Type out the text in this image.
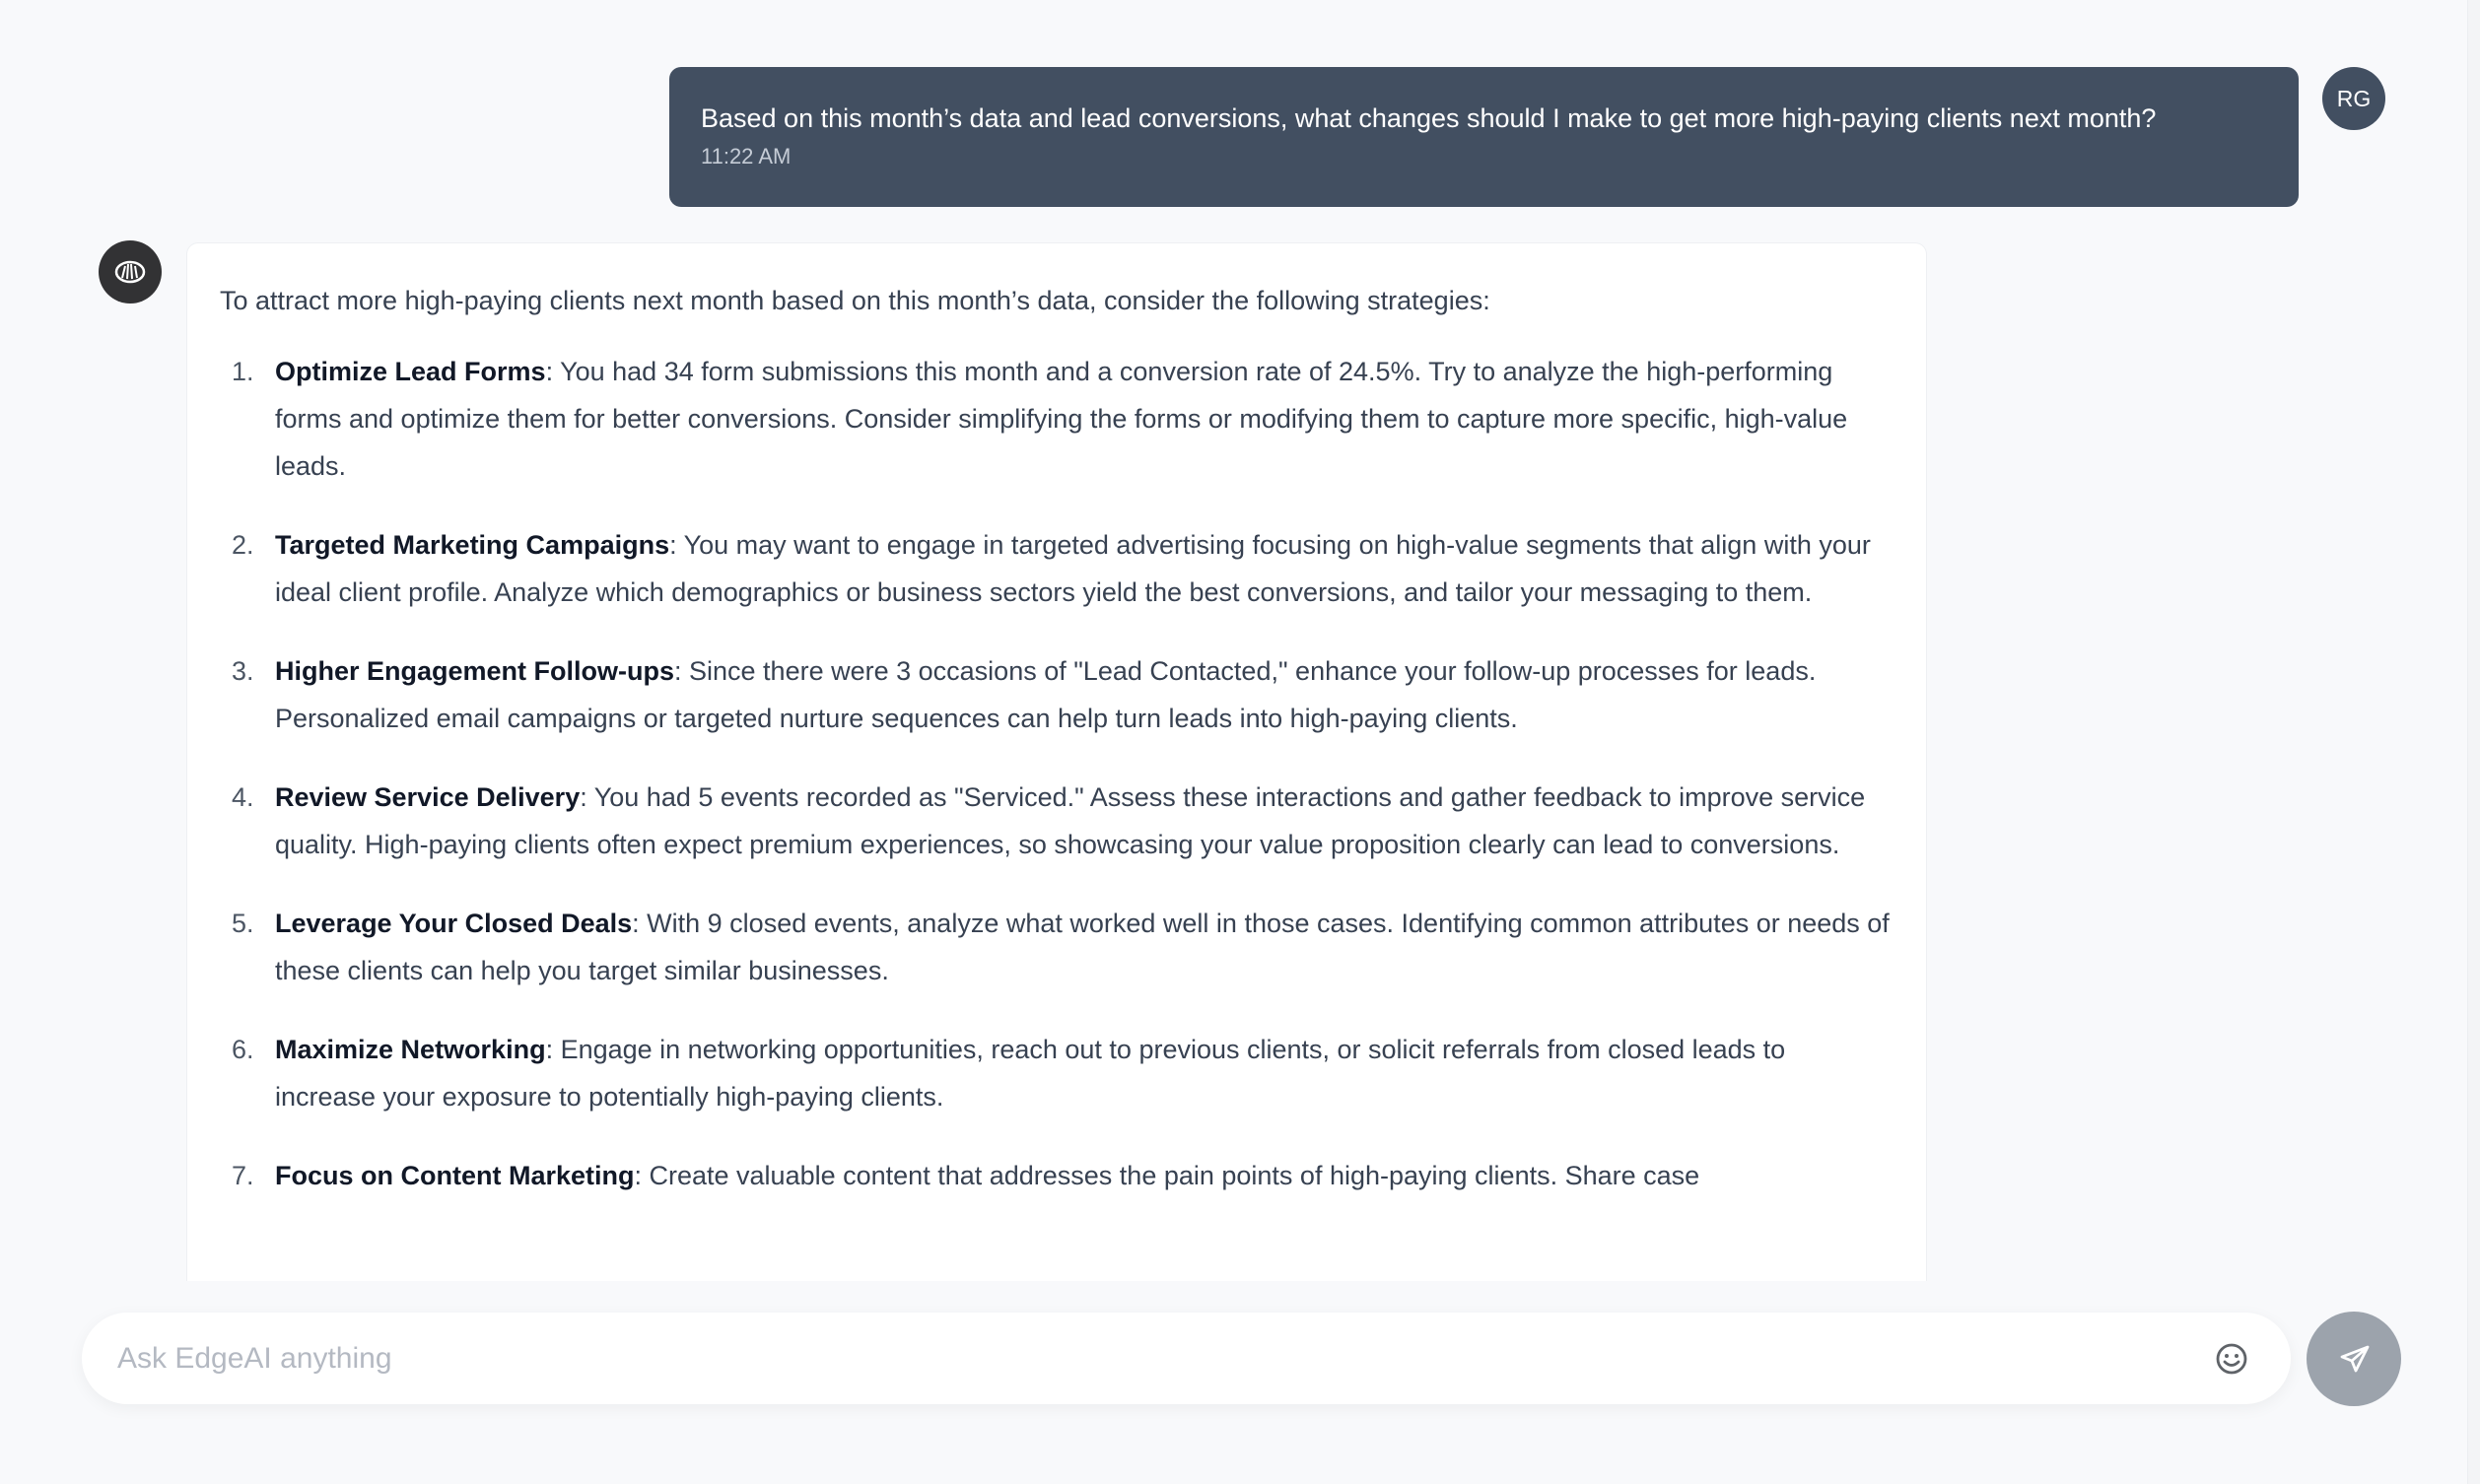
Based on this month’s data and lead conversions, what changes should I make to get more high-paying clients next month?
11:22 AM
RG

To attract more high-paying clients next month based on this month’s data, consider the following strategies:

1. Optimize Lead Forms: You had 34 form submissions this month and a conversion rate of 24.5%. Try to analyze the high-performing forms and optimize them for better conversions. Consider simplifying the forms or modifying them to capture more specific, high-value leads.
2. Targeted Marketing Campaigns: You may want to engage in targeted advertising focusing on high-value segments that align with your ideal client profile. Analyze which demographics or business sectors yield the best conversions, and tailor your messaging to them.
3. Higher Engagement Follow-ups: Since there were 3 occasions of "Lead Contacted," enhance your follow-up processes for leads. Personalized email campaigns or targeted nurture sequences can help turn leads into high-paying clients.
4. Review Service Delivery: You had 5 events recorded as "Serviced." Assess these interactions and gather feedback to improve service quality. High-paying clients often expect premium experiences, so showcasing your value proposition clearly can lead to conversions.
5. Leverage Your Closed Deals: With 9 closed events, analyze what worked well in those cases. Identifying common attributes or needs of these clients can help you target similar businesses.
6. Maximize Networking: Engage in networking opportunities, reach out to previous clients, or solicit referrals from closed leads to increase your exposure to potentially high-paying clients.
7. Focus on Content Marketing: Create valuable content that addresses the pain points of high-paying clients. Share case
Ask EdgeAI anything
